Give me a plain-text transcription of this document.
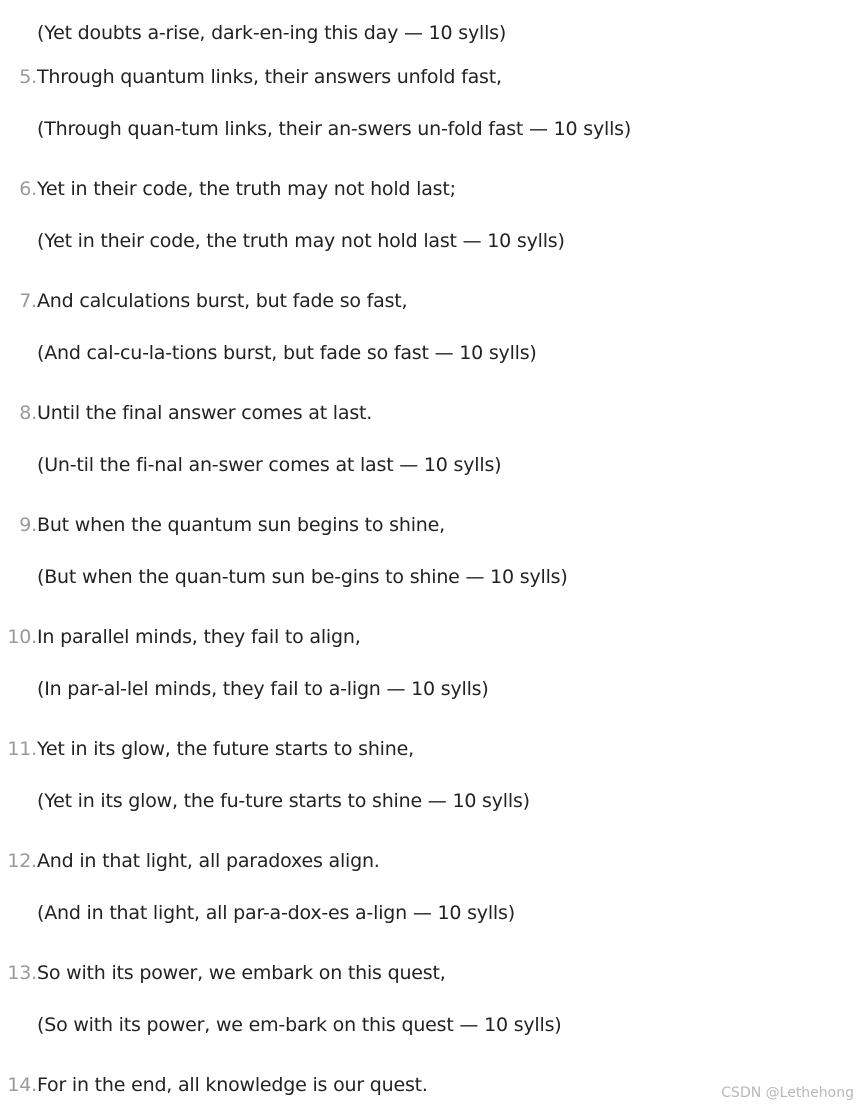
(Yet doubts a-rise, dark-en-ing this day — 10 sylls)
5.Through quantum links, their answers unfold fast,
(Through quan-tum links, their an-swers un-fold fast — 10 sylls)
6.Yet in their code, the truth may not hold last;
(Yet in their code, the truth may not hold last — 10 sylls)
7.And calculations burst, but fade so fast,
(And cal-cu-la-tions burst, but fade so fast — 10 sylls)
8.Until the final answer comes at last.
(Un-til the fi-nal an-swer comes at last — 10 sylls)
9.But when the quantum sun begins to shine,
(But when the quan-tum sun be-gins to shine — 10 sylls)
10.In parallel minds, they fail to align,
(In par-al-lel minds, they fail to a-lign — 10 sylls)
11.Yet in its glow, the future starts to shine,
(Yet in its glow, the fu-ture starts to shine — 10 sylls)
12.And in that light, all paradoxes align.
(And in that light, all par-a-dox-es a-lign — 10 sylls)
13.So with its power, we embark on this quest,
(So with its power, we em-bark on this quest — 10 sylls)
14.For in the end, all knowledge is our quest.	CSDN @Lethehong
